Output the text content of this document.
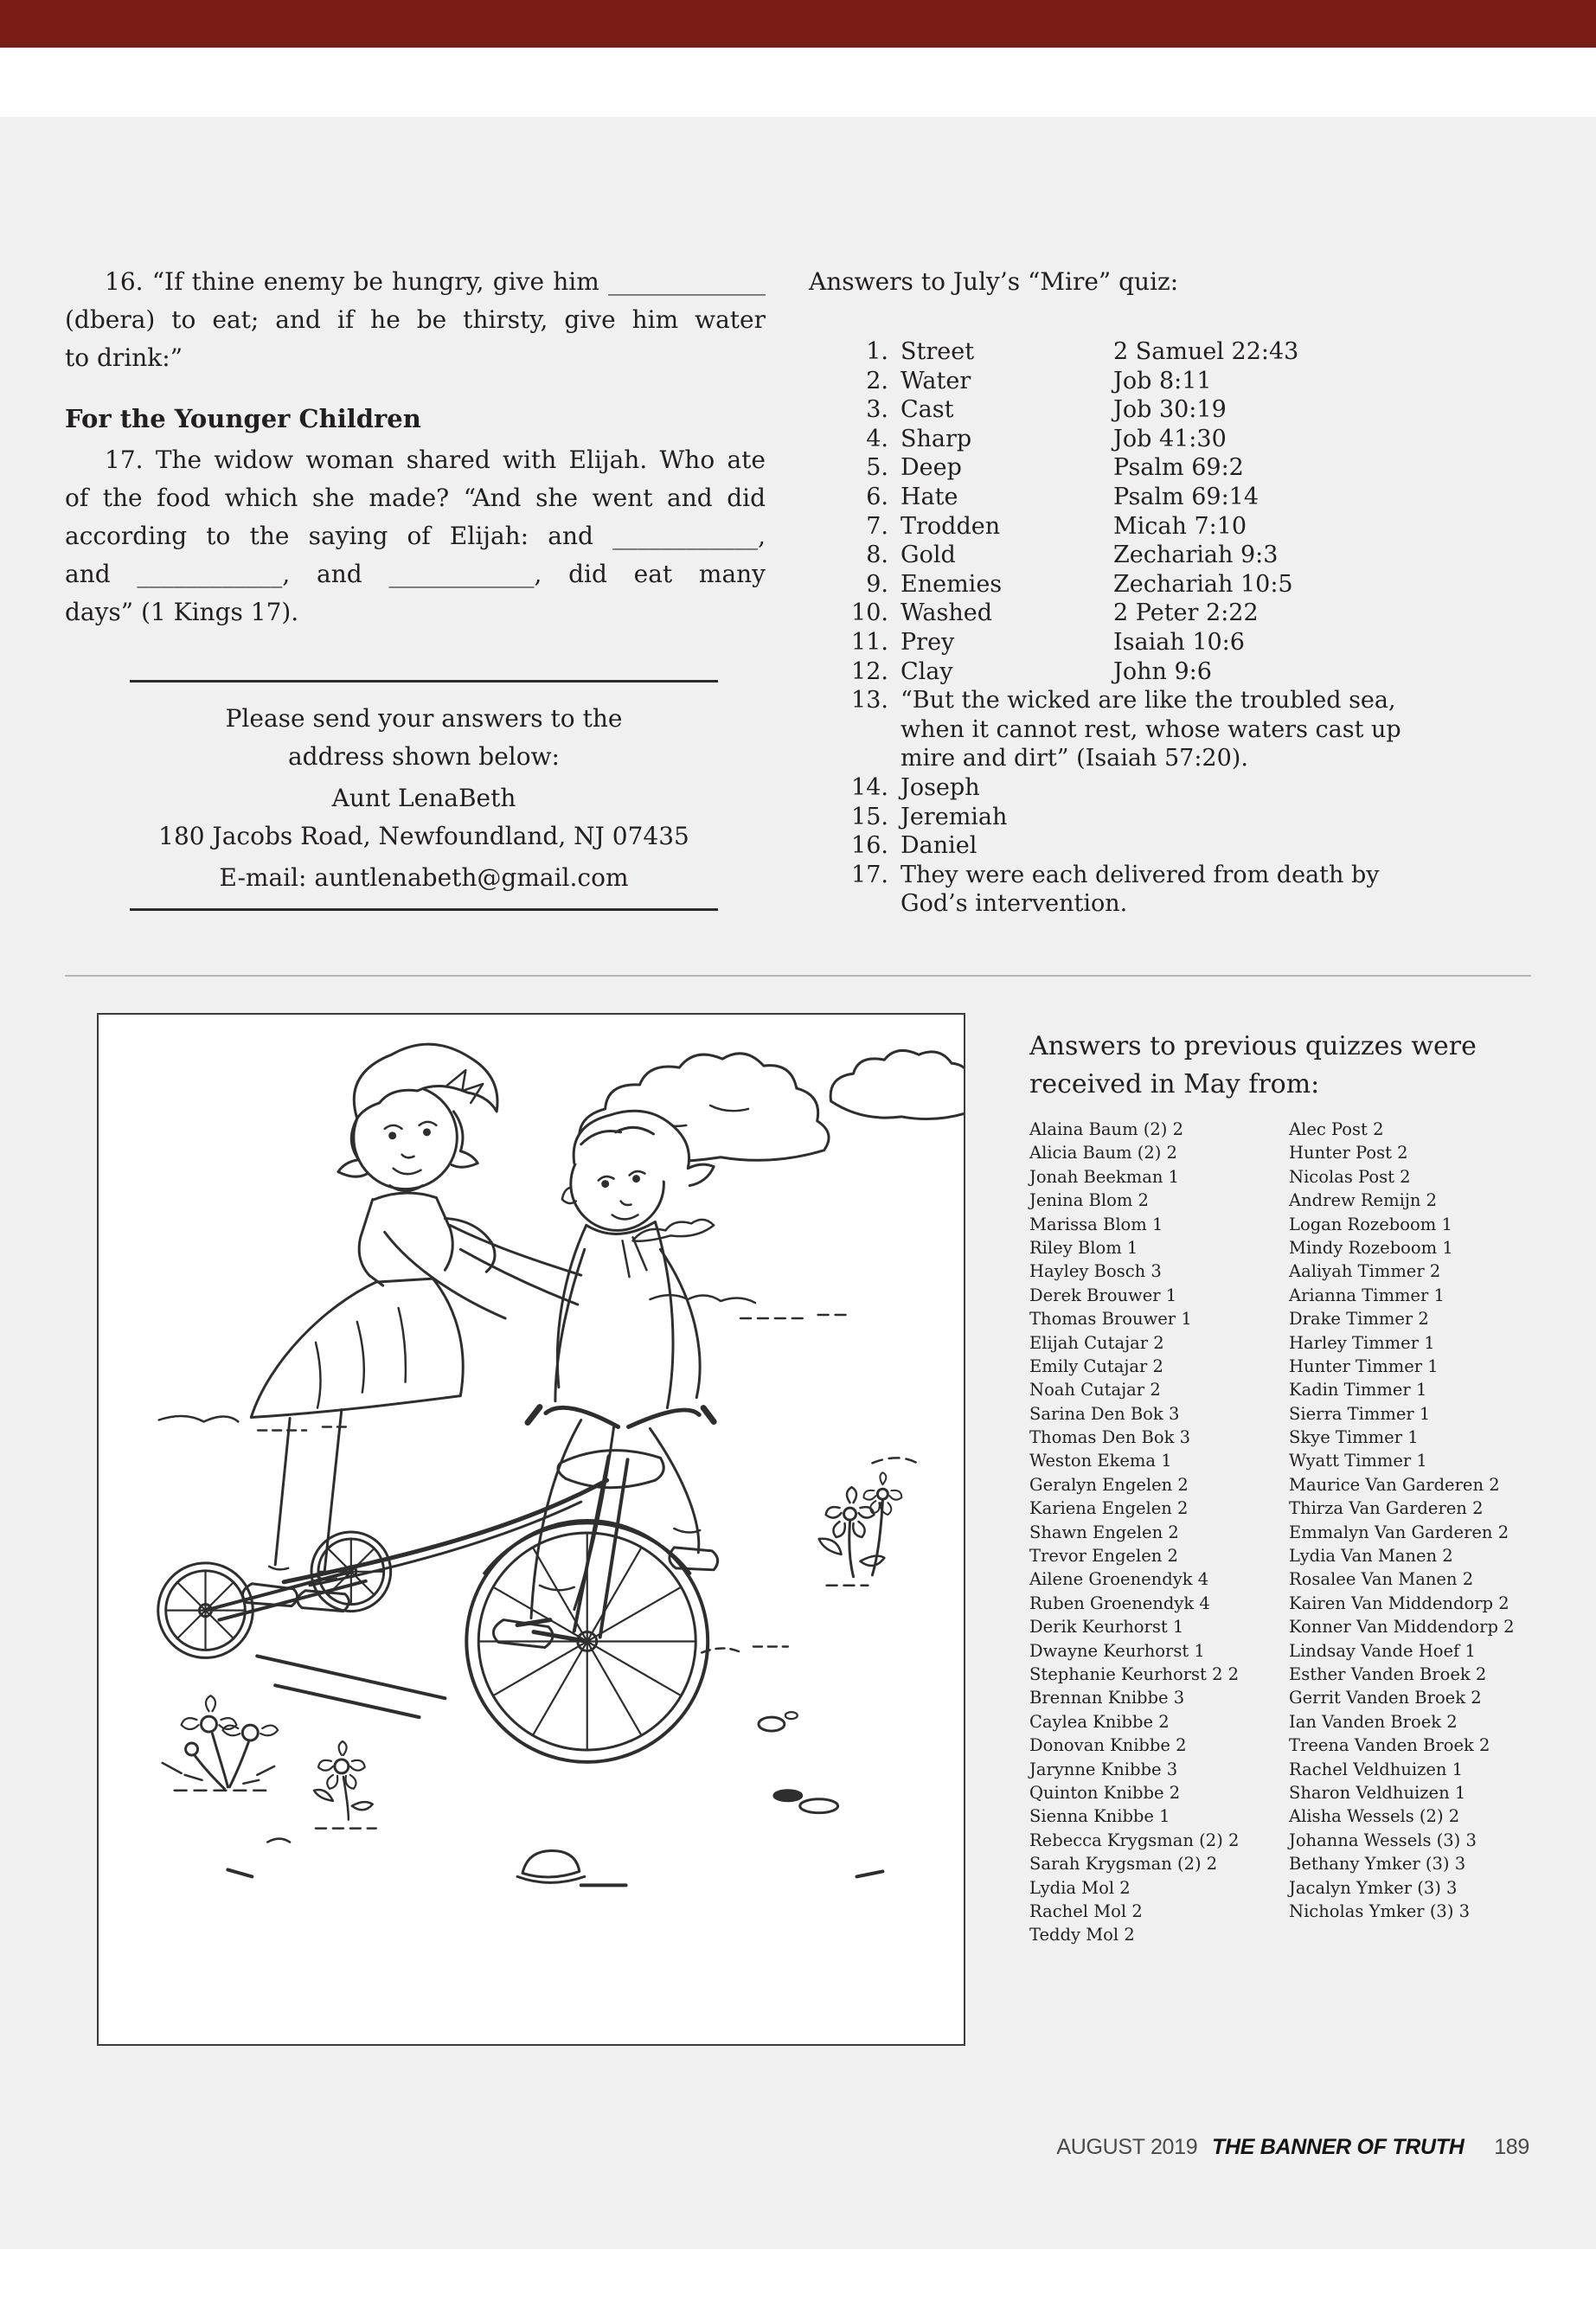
16. “If thine enemy be hungry, give him _____________
(dbera) to eat; and if he be thirsty, give him water
to drink:”
For the Younger Children
17. The widow woman shared with Elijah. Who ate
of the food which she made? “And she went and did
according to the saying of Elijah: and ____________,
and ____________, and ____________, did eat many
days” (1 Kings 17).
Please send your answers to the
address shown below:
Aunt LenaBeth
180 Jacobs Road, Newfoundland, NJ 07435
E-mail: auntlenabeth@gmail.com
Answers to July’s “Mire” quiz:
1. Street	2 Samuel 22:43
2. Water	Job 8:11
3. Cast	Job 30:19
4. Sharp	Job 41:30
5. Deep	Psalm 69:2
6. Hate	Psalm 69:14
7. Trodden	Micah 7:10
8. Gold	Zechariah 9:3
9. Enemies	Zechariah 10:5
10. Washed	2 Peter 2:22
11. Prey	Isaiah 10:6
12. Clay	John 9:6
13. “But the wicked are like the troubled sea,
when it cannot rest, whose waters cast up
mire and dirt” (Isaiah 57:20).
14. Joseph
15. Jeremiah
16. Daniel
17. They were each delivered from death by
God’s intervention.
Answers to previous quizzes were
received in May from:
Alaina Baum (2) 2
Alicia Baum (2) 2
Jonah Beekman 1
Jenina Blom 2
Marissa Blom 1
Riley Blom 1
Hayley Bosch 3
Derek Brouwer 1
Thomas Brouwer 1
Elijah Cutajar 2
Emily Cutajar 2
Noah Cutajar 2
Sarina Den Bok 3
Thomas Den Bok 3
Weston Ekema 1
Geralyn Engelen 2
Kariena Engelen 2
Shawn Engelen 2
Trevor Engelen 2
Ailene Groenendyk 4
Ruben Groenendyk 4
Derik Keurhorst 1
Dwayne Keurhorst 1
Stephanie Keurhorst 2 2
Brennan Knibbe 3
Caylea Knibbe 2
Donovan Knibbe 2
Jarynne Knibbe 3
Quinton Knibbe 2
Sienna Knibbe 1
Rebecca Krygsman (2) 2
Sarah Krygsman (2) 2
Lydia Mol 2
Rachel Mol 2
Teddy Mol 2
Alec Post 2
Hunter Post 2
Nicolas Post 2
Andrew Remijn 2
Logan Rozeboom 1
Mindy Rozeboom 1
Aaliyah Timmer 2
Arianna Timmer 1
Drake Timmer 2
Harley Timmer 1
Hunter Timmer 1
Kadin Timmer 1
Sierra Timmer 1
Skye Timmer 1
Wyatt Timmer 1
Maurice Van Garderen 2
Thirza Van Garderen 2
Emmalyn Van Garderen 2
Lydia Van Manen 2
Rosalee Van Manen 2
Kairen Van Middendorp 2
Konner Van Middendorp 2
Lindsay Vande Hoef 1
Esther Vanden Broek 2
Gerrit Vanden Broek 2
Ian Vanden Broek 2
Treena Vanden Broek 2
Rachel Veldhuizen 1
Sharon Veldhuizen 1
Alisha Wessels (2) 2
Johanna Wessels (3) 3
Bethany Ymker (3) 3
Jacalyn Ymker (3) 3
Nicholas Ymker (3) 3
AUGUST 2019 THE BANNER OF TRUTH 189
